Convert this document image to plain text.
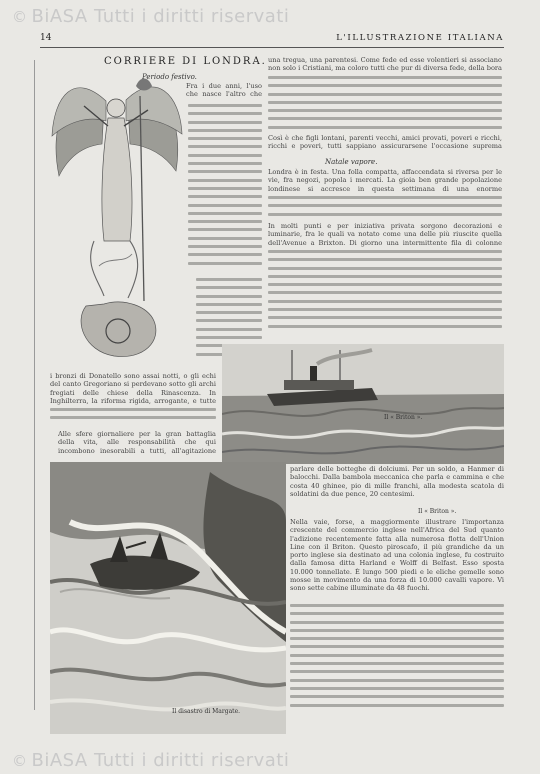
© BiASA Tutti i diritti riservati
© BiASA Tutti i diritti riservati
14	L'ILLUSTRAZIONE ITALIANA
CORRIERE DI LONDRA.
Periodo festivo.
Fra i due anni, l'uso che nasce l'altro che
una tregua, una parentesi. Come fede ed esse volentieri si associano non solo i Cristiani, ma coloro tutti che pur di diversa fede, della bora
Così è che figli lontani, parenti vecchi, amici provati, poveri e ricchi, ricchi e poveri, tutti sappiano assicurarsene l'occasione suprema
Natale vapore.
Londra è in festa. Una folla compatta, affaccendata si riversa per le vie, fra negozi, popola i mercati. La gioia ben grande popolazione londinese si accresce in questa settimana di una enorme
In molti punti e per iniziativa privata sorgono decorazioni e luminarie, fra le quali va notato come una delle più riuscite quella dell'Avenue a Brixton. Di giorno una intermittente fila di colonne
Il « Briton ».
i bronzi di Donatello sono assai notti, o gli echi del canto Gregoriano si perdevano sotto gli archi fregiati delle chiese della Rinascenza. In Inghilterra, la riforma rigida, arrogante, e tutte
Alle sfere giornaliere per la gran battaglia della vita, alle responsabilità che qui incombono inesorabili a tutti, all'agitazione
Il disastro di Margate.
parlare delle botteghe di dolciumi. Per un soldo, a Hanmer di balocchi. Dalla bambola meccanica che parla e cammina e che costa 40 ghinee, pio di mille franchi, alla modesta scatola di soldatini da due pence, 20 centesimi.
Il « Briton ».
Nella vaie, forse, a maggiormente illustrare l'importanza crescente del commercio inglese nell'Africa del Sud quanto l'adizione recentemente fatta alla numerosa flotta dell'Union Line con il Briton. Questo piroscafo, il più grandiche da un porto inglese sia destinato ad una colonia inglese, fu costruito dalla famosa ditta Harland e Wolff di Belfast. Esso sposta 10.000 tonnellate. È lungo 500 piedi e le eliche gemelle sono mosse in movimento da una forza di 10.000 cavalli vapore. Vi sono sette cabine illuminate da 48 fuochi.
